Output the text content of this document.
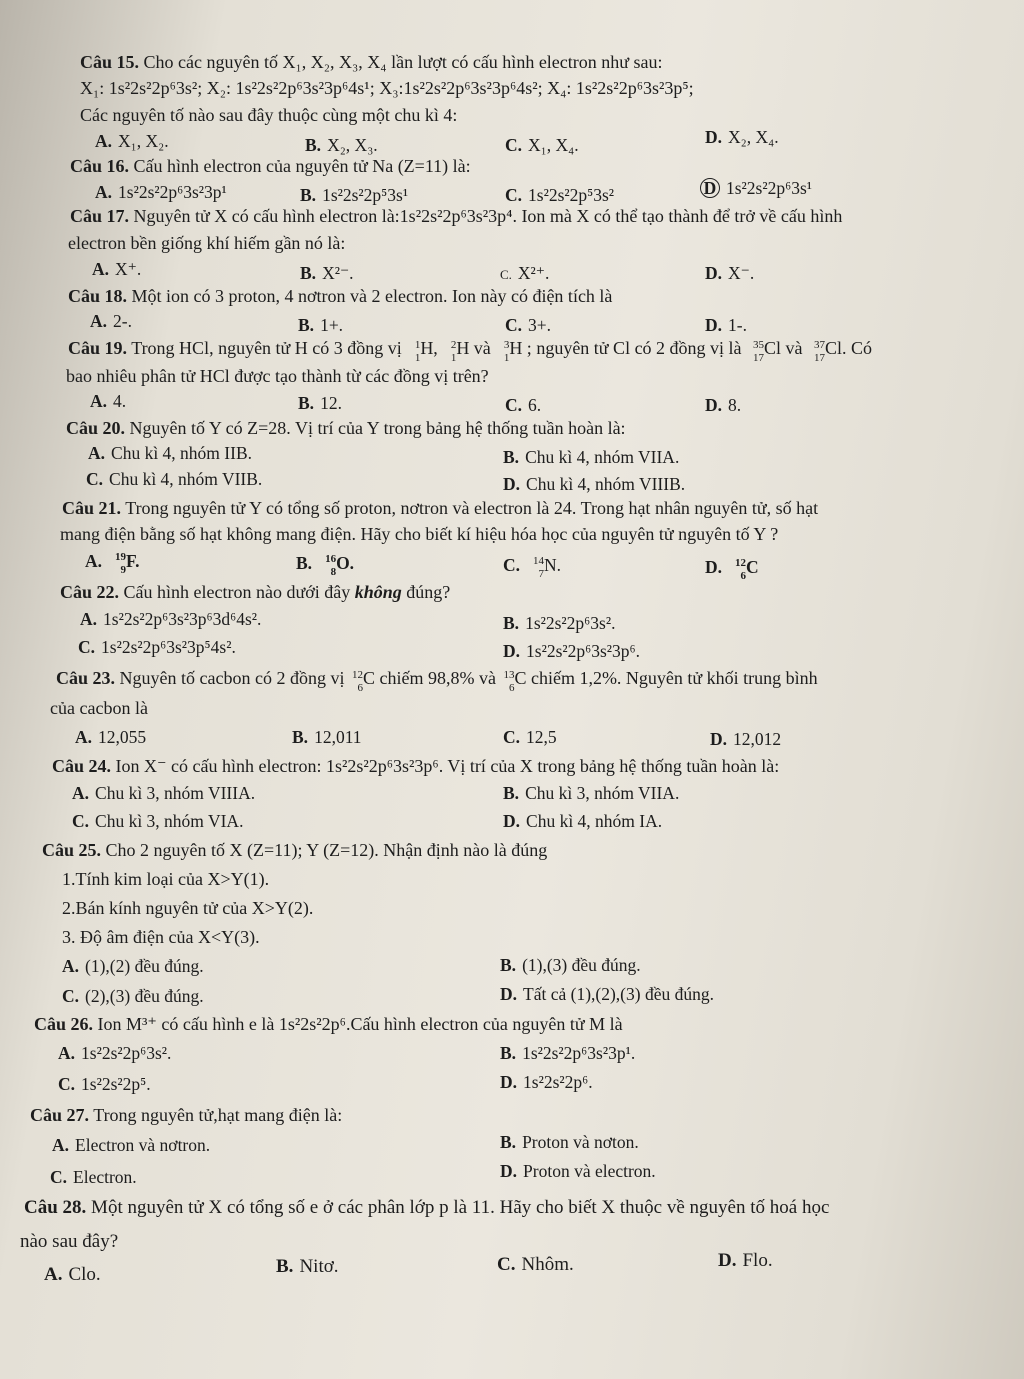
Câu 15. Cho các nguyên tố X₁, X₂, X₃, X₄ lần lượt có cấu hình electron như sau:
X₁: 1s²2s²2p⁶3s²; X₂: 1s²2s²2p⁶3s²3p⁶4s¹; X₃:1s²2s²2p⁶3s²3p⁶4s²; X₄: 1s²2s²2p⁶3s²3p⁵;
Các nguyên tố nào sau đây thuộc cùng một chu kì 4:
A. X₁, X₂.	B. X₂, X₃.	C. X₁, X₄.	D. X₂, X₄.
Câu 16. Cấu hình electron của nguyên tử Na (Z=11) là:
A. 1s²2s²2p⁶3s²3p¹	B. 1s²2s²2p⁵3s¹	C. 1s²2s²2p⁵3s²	D 1s²2s²2p⁶3s¹
Câu 17. Nguyên tử X có cấu hình electron là:1s²2s²2p⁶3s²3p⁴. Ion mà X có thể tạo thành để trở về cấu hình
electron bền giống khí hiếm gần nó là:
A. X⁺.	B. X²⁻.	C. X²⁺.	D. X⁻.
Câu 18. Một ion có 3 proton, 4 nơtron và 2 electron. Ion này có điện tích là
A. 2-.	B. 1+.	C. 3+.	D. 1-.
Câu 19. Trong HCl, nguyên tử H có 3 đồng vị 1
1 H, 2
1 H và 3
1 H ; nguyên tử Cl có 2 đồng vị là 35
17 Cl và 37
17 Cl. Có
bao nhiêu phân tử HCl được tạo thành từ các đồng vị trên?
A. 4.	B. 12.	C. 6.	D. 8.
Câu 20. Nguyên tố Y có Z=28. Vị trí của Y trong bảng hệ thống tuần hoàn là:
A. Chu kì 4, nhóm IIB.	B. Chu kì 4, nhóm VIIA.
C. Chu kì 4, nhóm VIIB.	D. Chu kì 4, nhóm VIIIB.
Câu 21. Trong nguyên tử Y có tổng số proton, nơtron và electron là 24. Trong hạt nhân nguyên tử, số hạt
mang điện bằng số hạt không mang điện. Hãy cho biết kí hiệu hóa học của nguyên tử nguyên tố Y ?
A. 19
9 F.	B. 16
8 O.	C. 14
7 N.	D. 12
6 C
Câu 22. Cấu hình electron nào dưới đây không đúng?
A. 1s²2s²2p⁶3s²3p⁶3d⁶4s².	B. 1s²2s²2p⁶3s².
C. 1s²2s²2p⁶3s²3p⁵4s².	D. 1s²2s²2p⁶3s²3p⁶.
Câu 23. Nguyên tố cacbon có 2 đồng vị 12
6 C chiếm 98,8% và 13
6 C chiếm 1,2%. Nguyên tử khối trung bình
của cacbon là
A. 12,055	B. 12,011	C. 12,5	D. 12,012
Câu 24. Ion X⁻ có cấu hình electron: 1s²2s²2p⁶3s²3p⁶. Vị trí của X trong bảng hệ thống tuần hoàn là:
A. Chu kì 3, nhóm VIIIA.	B. Chu kì 3, nhóm VIIA.
C. Chu kì 3, nhóm VIA.	D. Chu kì 4, nhóm IA.
Câu 25. Cho 2 nguyên tố X (Z=11); Y (Z=12). Nhận định nào là đúng
1.Tính kim loại của X>Y(1).
2.Bán kính nguyên tử của X>Y(2).
3. Độ âm điện của X<Y(3).
A. (1),(2) đều đúng.	B. (1),(3) đều đúng.
C. (2),(3) đều đúng.	D. Tất cả (1),(2),(3) đều đúng.
Câu 26. Ion M³⁺ có cấu hình e là 1s²2s²2p⁶.Cấu hình electron của nguyên tử M là
A. 1s²2s²2p⁶3s².	B. 1s²2s²2p⁶3s²3p¹.
C. 1s²2s²2p⁵.	D. 1s²2s²2p⁶.
Câu 27. Trong nguyên tử,hạt mang điện là:
A. Electron và nơtron.	B. Proton và nơton.
C. Electron.	D. Proton và electron.
Câu 28. Một nguyên tử X có tổng số e ở các phân lớp p là 11. Hãy cho biết X thuộc về nguyên tố hoá học
nào sau đây?
A. Clo.	B. Nitơ.	C. Nhôm.	D. Flo.
